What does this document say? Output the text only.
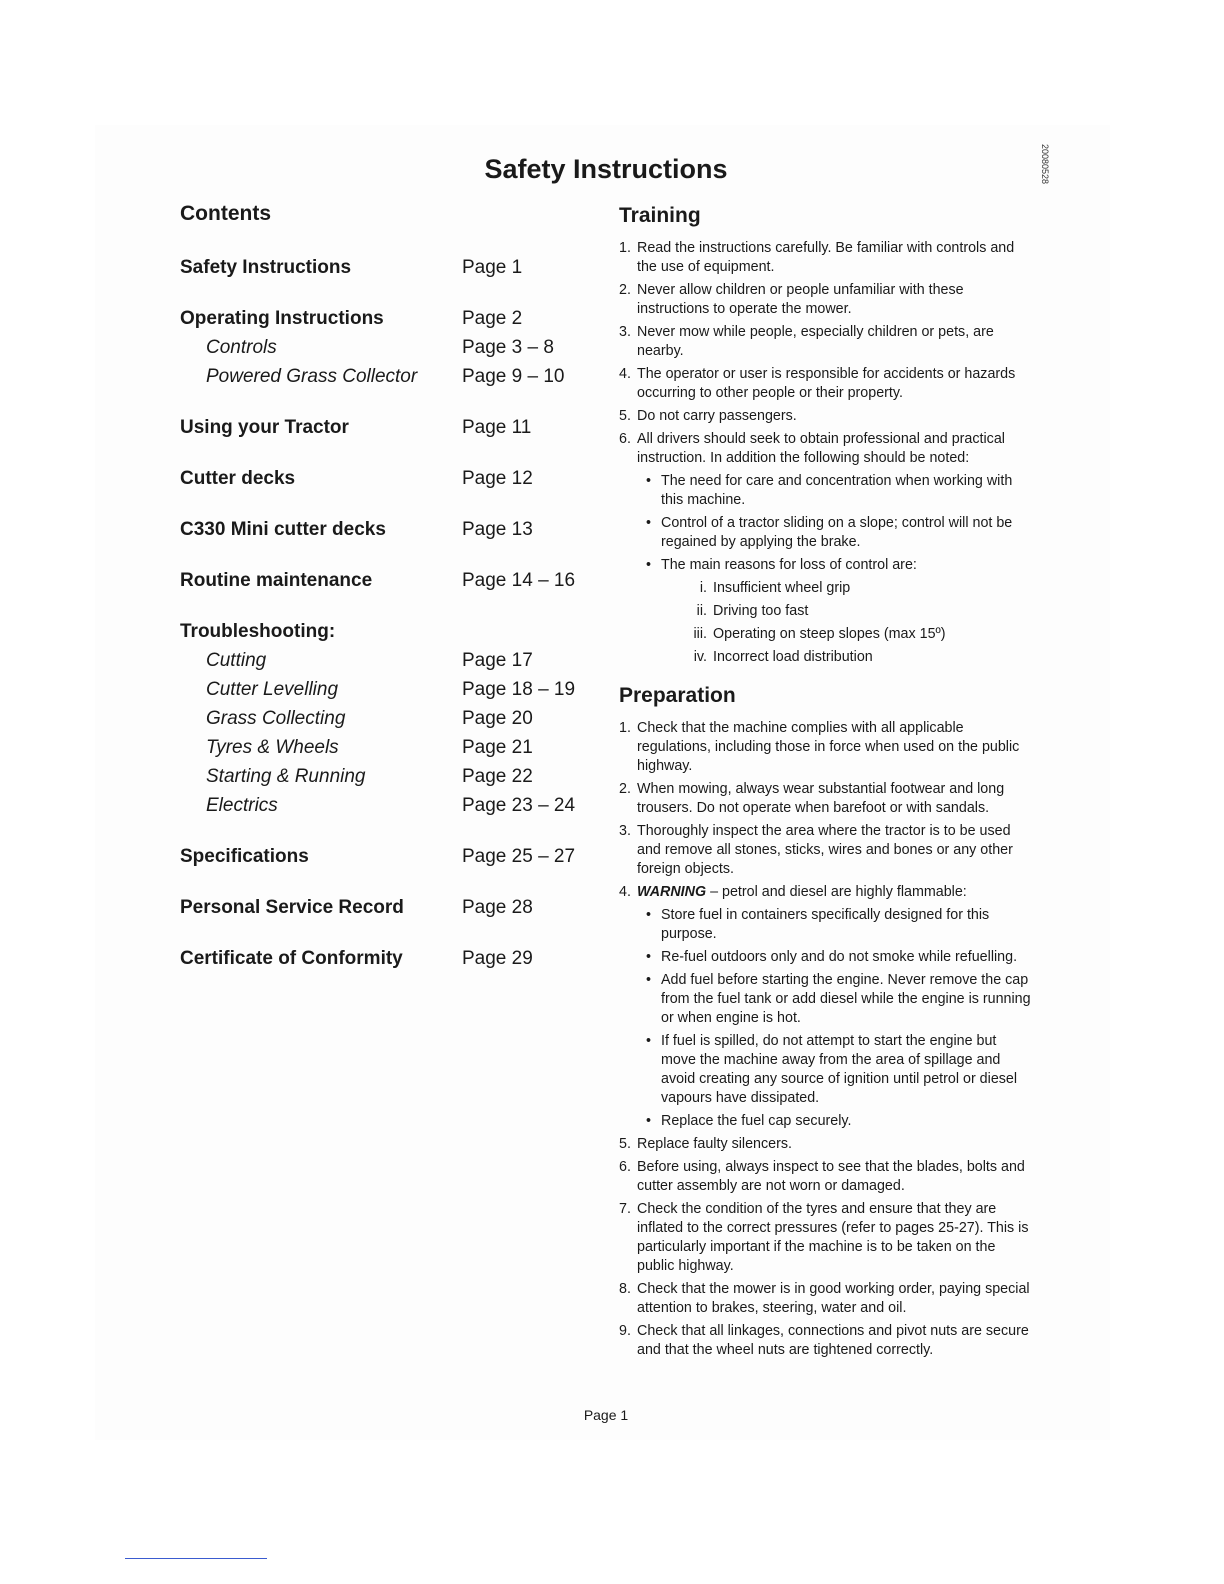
Safety Instructions	20080528
Contents
Safety Instructions	Page 1
Operating Instructions	Page 2
Controls	Page 3 – 8
Powered Grass Collector Page 9 – 10
Using your Tractor	Page 11
Cutter decks	Page 12
C330 Mini cutter decks	Page 13
Routine maintenance	Page 14 – 16
Troubleshooting:
Cutting	Page 17
Cutter Levelling	Page 18 – 19
Grass Collecting	Page 20
Tyres & Wheels	Page 21
Starting & Running	Page 22
Electrics	Page 23 – 24
Specifications	Page 25 – 27
Personal Service Record	Page 28
Certificate of Conformity	Page 29
Training
1. Read the instructions carefully. Be familiar with controls and the use of equipment.
2. Never allow children or people unfamiliar with these instructions to operate the mower.
3. Never mow while people, especially children or pets, are nearby.
4. The operator or user is responsible for accidents or hazards occurring to other people or their property.
5. Do not carry passengers.
6. All drivers should seek to obtain professional and practical instruction. In addition the following should be noted:
• The need for care and concentration when working with this machine.
• Control of a tractor sliding on a slope; control will not be regained by applying the brake.
• The main reasons for loss of control are:
i. Insufficient wheel grip
ii. Driving too fast
iii. Operating on steep slopes (max 15º)
iv. Incorrect load distribution
Preparation
1. Check that the machine complies with all applicable regulations, including those in force when used on the public highway.
2. When mowing, always wear substantial footwear and long trousers. Do not operate when barefoot or with sandals.
3. Thoroughly inspect the area where the tractor is to be used and remove all stones, sticks, wires and bones or any other foreign objects.
4. WARNING – petrol and diesel are highly flammable:
• Store fuel in containers specifically designed for this purpose.
• Re-fuel outdoors only and do not smoke while refuelling.
• Add fuel before starting the engine. Never remove the cap from the fuel tank or add diesel while the engine is running or when engine is hot.
• If fuel is spilled, do not attempt to start the engine but move the machine away from the area of spillage and avoid creating any source of ignition until petrol or diesel vapours have dissipated.
• Replace the fuel cap securely.
5. Replace faulty silencers.
6. Before using, always inspect to see that the blades, bolts and cutter assembly are not worn or damaged.
7. Check the condition of the tyres and ensure that they are inflated to the correct pressures (refer to pages 25-27). This is particularly important if the machine is to be taken on the public highway.
8. Check that the mower is in good working order, paying special attention to brakes, steering, water and oil.
9. Check that all linkages, connections and pivot nuts are secure and that the wheel nuts are tightened correctly.
Page 1
